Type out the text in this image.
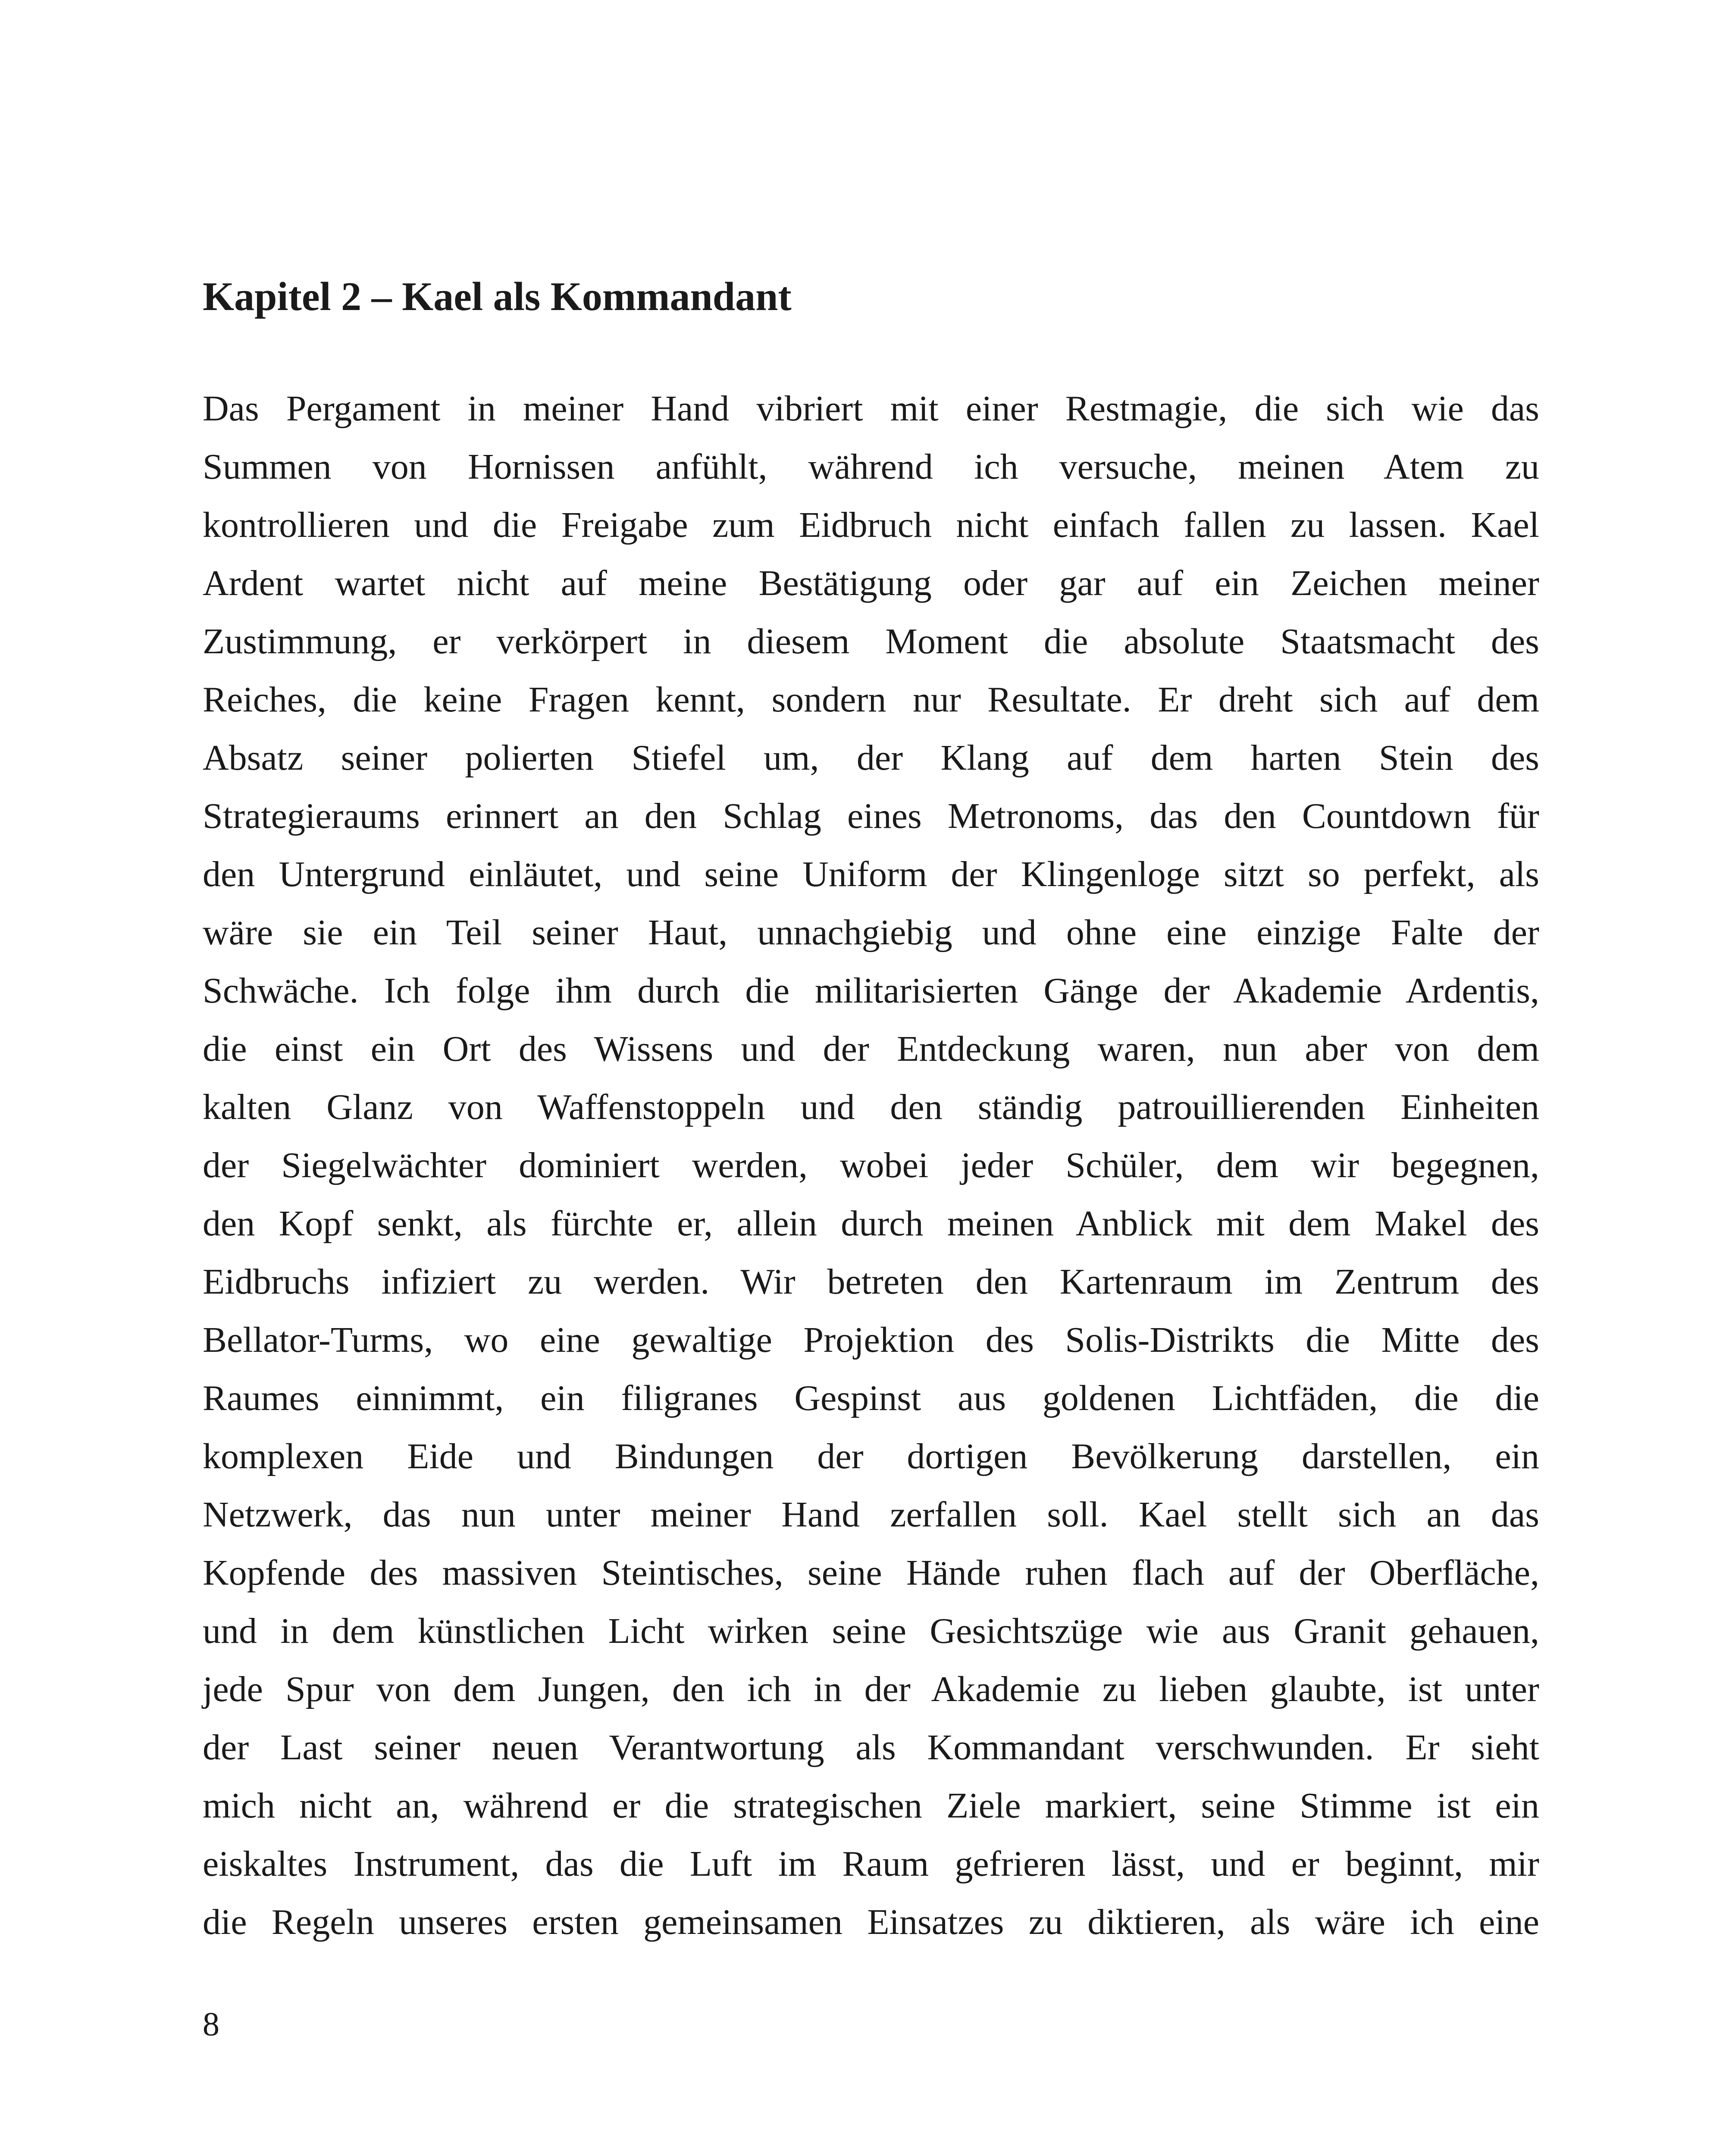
Kapitel 2 – Kael als Kommandant
Das Pergament in meiner Hand vibriert mit einer Restmagie, die sich wie das
Summen von Hornissen anfühlt, während ich versuche, meinen Atem zu
kontrollieren und die Freigabe zum Eidbruch nicht einfach fallen zu lassen. Kael
Ardent wartet nicht auf meine Bestätigung oder gar auf ein Zeichen meiner
Zustimmung, er verkörpert in diesem Moment die absolute Staatsmacht des
Reiches, die keine Fragen kennt, sondern nur Resultate. Er dreht sich auf dem
Absatz seiner polierten Stiefel um, der Klang auf dem harten Stein des
Strategieraums erinnert an den Schlag eines Metronoms, das den Countdown für
den Untergrund einläutet, und seine Uniform der Klingenloge sitzt so perfekt, als
wäre sie ein Teil seiner Haut, unnachgiebig und ohne eine einzige Falte der
Schwäche. Ich folge ihm durch die militarisierten Gänge der Akademie Ardentis,
die einst ein Ort des Wissens und der Entdeckung waren, nun aber von dem
kalten Glanz von Waffenstoppeln und den ständig patrouillierenden Einheiten
der Siegelwächter dominiert werden, wobei jeder Schüler, dem wir begegnen,
den Kopf senkt, als fürchte er, allein durch meinen Anblick mit dem Makel des
Eidbruchs infiziert zu werden. Wir betreten den Kartenraum im Zentrum des
Bellator-Turms, wo eine gewaltige Projektion des Solis-Distrikts die Mitte des
Raumes einnimmt, ein filigranes Gespinst aus goldenen Lichtfäden, die die
komplexen Eide und Bindungen der dortigen Bevölkerung darstellen, ein
Netzwerk, das nun unter meiner Hand zerfallen soll. Kael stellt sich an das
Kopfende des massiven Steintisches, seine Hände ruhen flach auf der Oberfläche,
und in dem künstlichen Licht wirken seine Gesichtszüge wie aus Granit gehauen,
jede Spur von dem Jungen, den ich in der Akademie zu lieben glaubte, ist unter
der Last seiner neuen Verantwortung als Kommandant verschwunden. Er sieht
mich nicht an, während er die strategischen Ziele markiert, seine Stimme ist ein
eiskaltes Instrument, das die Luft im Raum gefrieren lässt, und er beginnt, mir
die Regeln unseres ersten gemeinsamen Einsatzes zu diktieren, als wäre ich eine
8
